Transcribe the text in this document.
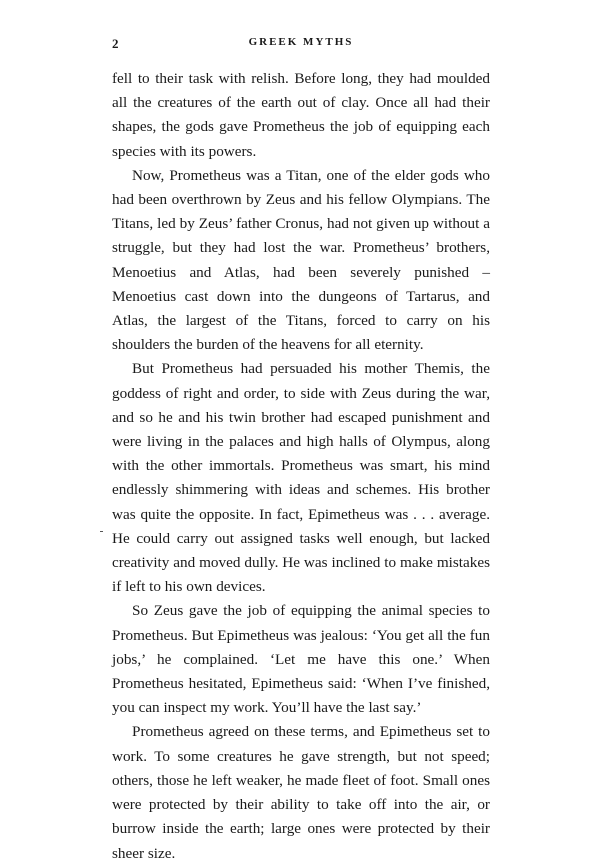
2	GREEK MYTHS

fell to their task with relish. Before long, they had moulded all the creatures of the earth out of clay. Once all had their shapes, the gods gave Prometheus the job of equipping each species with its powers.

Now, Prometheus was a Titan, one of the elder gods who had been overthrown by Zeus and his fellow Olympians. The Titans, led by Zeus’ father Cronus, had not given up without a struggle, but they had lost the war. Prometheus’ brothers, Menoetius and Atlas, had been severely punished – Menoetius cast down into the dungeons of Tartarus, and Atlas, the largest of the Titans, forced to carry on his shoulders the burden of the heavens for all eternity.

But Prometheus had persuaded his mother Themis, the goddess of right and order, to side with Zeus during the war, and so he and his twin brother had escaped punishment and were living in the palaces and high halls of Olympus, along with the other immortals. Prometheus was smart, his mind endlessly shimmering with ideas and schemes. His brother was quite the opposite. In fact, Epimetheus was . . . average. He could carry out assigned tasks well enough, but lacked creativity and moved dully. He was inclined to make mistakes if left to his own devices.

So Zeus gave the job of equipping the animal species to Prometheus. But Epimetheus was jealous: ‘You get all the fun jobs,’ he complained. ‘Let me have this one.’ When Prometheus hesitated, Epimetheus said: ‘When I’ve finished, you can inspect my work. You’ll have the last say.’

Prometheus agreed on these terms, and Epimetheus set to work. To some creatures he gave strength, but not speed; others, those he left weaker, he made fleet of foot. Small ones were protected by their ability to take off into the air, or burrow inside the earth; large ones were protected by their sheer size.
